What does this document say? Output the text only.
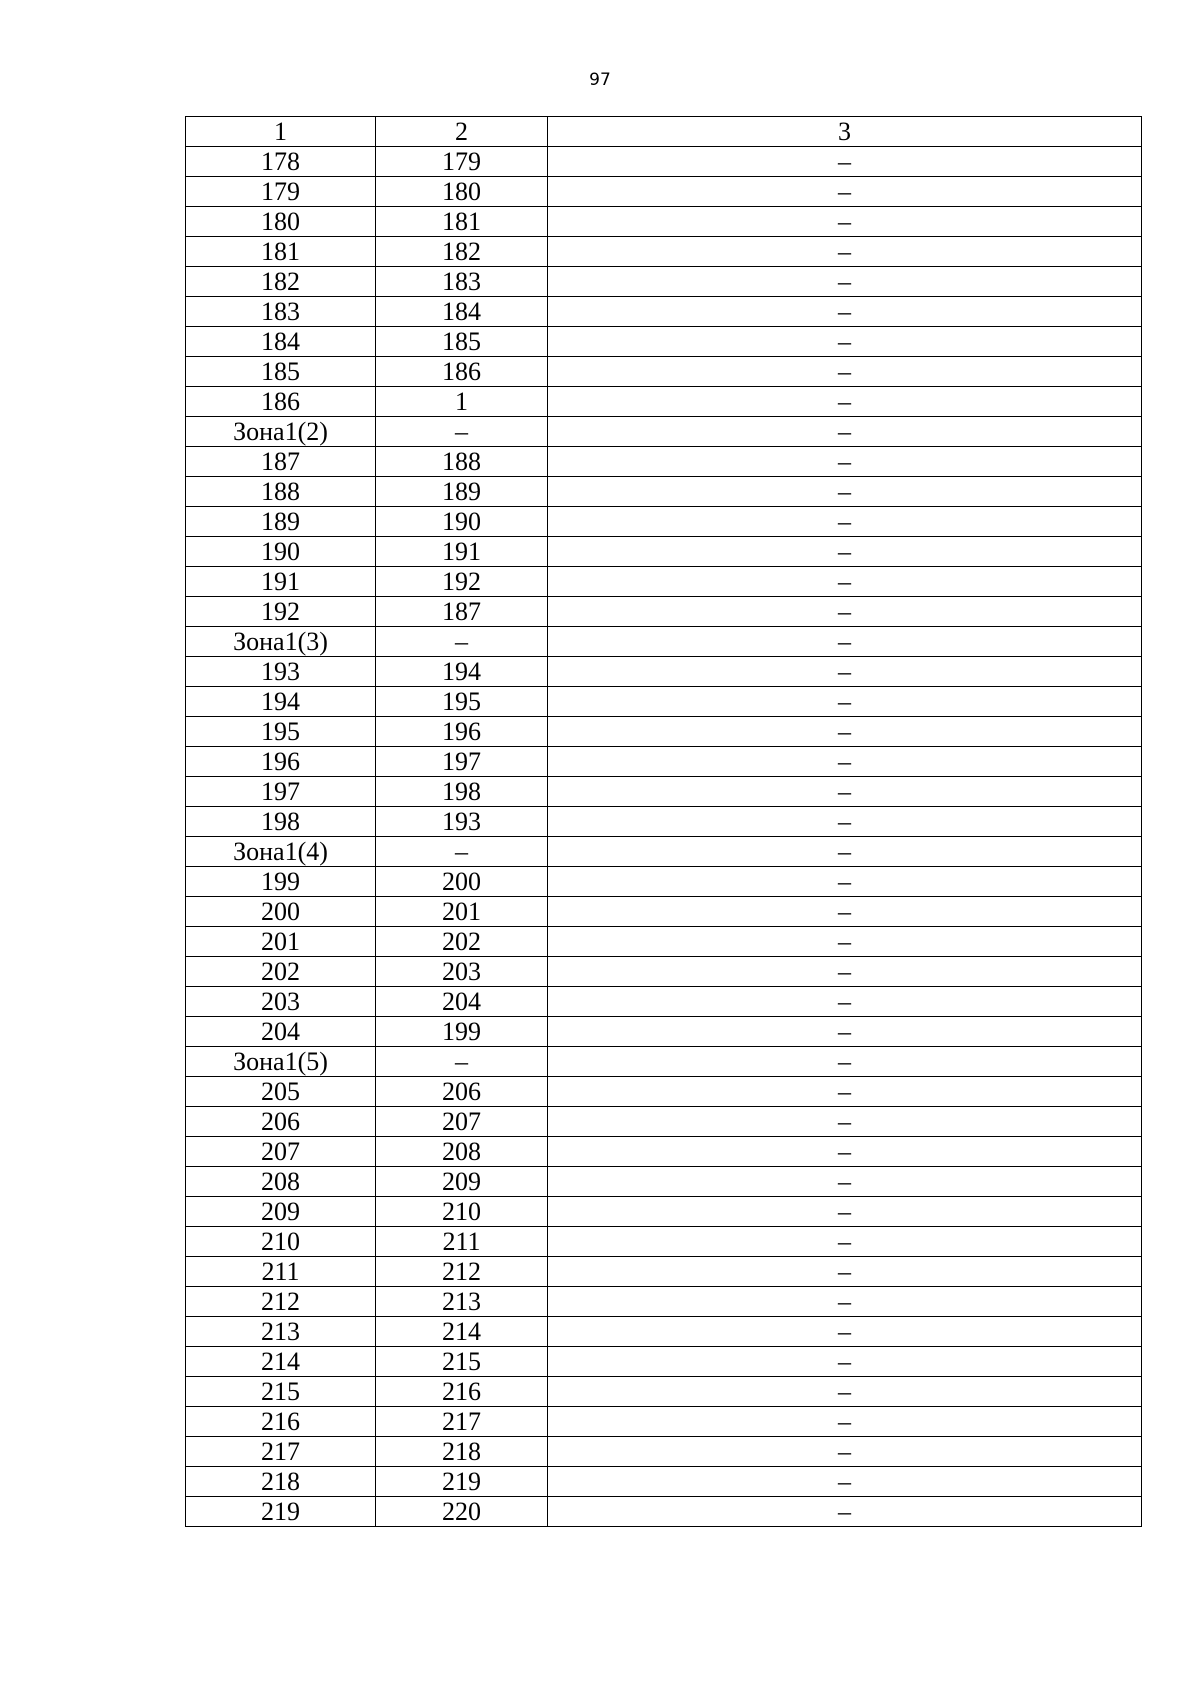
97
1	2	3
178	179	–
179	180	–
180	181	–
181	182	–
182	183	–
183	184	–
184	185	–
185	186	–
186	1	–
Зона1(2)	–	–
187	188	–
188	189	–
189	190	–
190	191	–
191	192	–
192	187	–
Зона1(3)	–	–
193	194	–
194	195	–
195	196	–
196	197	–
197	198	–
198	193	–
Зона1(4)	–	–
199	200	–
200	201	–
201	202	–
202	203	–
203	204	–
204	199	–
Зона1(5)	–	–
205	206	–
206	207	–
207	208	–
208	209	–
209	210	–
210	211	–
211	212	–
212	213	–
213	214	–
214	215	–
215	216	–
216	217	–
217	218	–
218	219	–
219	220	–
